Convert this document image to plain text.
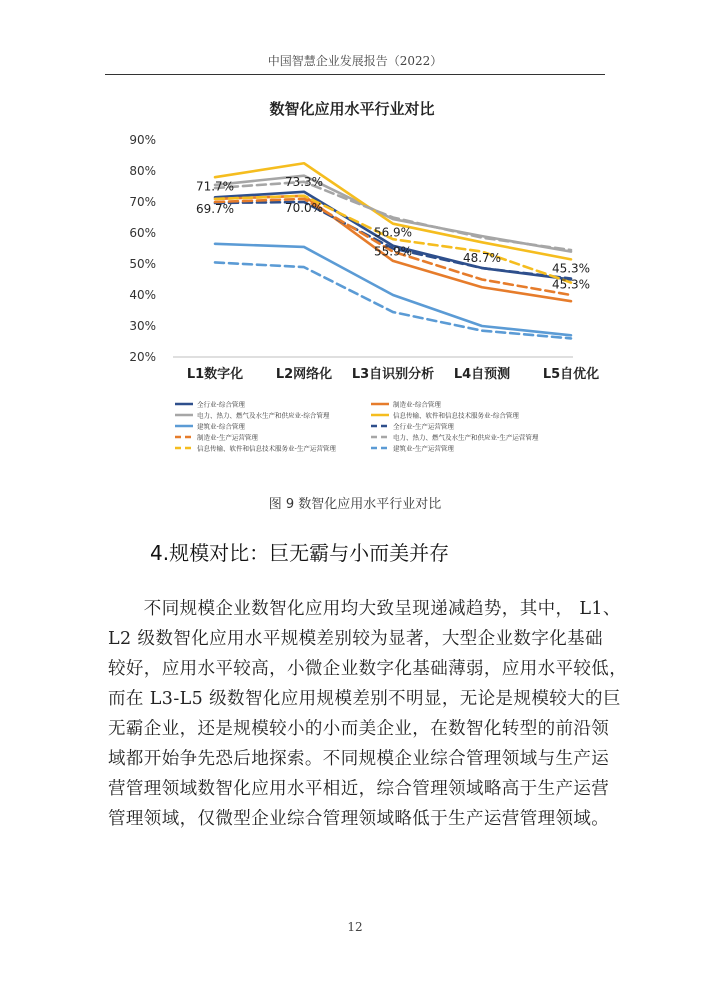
中国智慧企业发展报告（2022）
数智化应用水平行业对比
90%
80%
70%
60%
50%
40%
30%
20%
L1数字化	L2网络化 L3自识别分析 L4自预测	L5自优化
71.7%
69.7%
73.3%
70.0%
56.9%
55.9%	48.7%
45.3%
45.3%
全行业-综合管理	制造业-综合管理
电力、热力、燃气及水生产和供应业-综合管理	信息传输、软件和信息技术服务业-综合管理
建筑业-综合管理	全行业-生产运营管理
制造业-生产运营管理	电力、热力、燃气及水生产和供应业-生产运营管理
信息传输、软件和信息技术服务业-生产运营管理	建筑业-生产运营管理
图 9 数智化应用水平行业对比
4.规模对比：巨无霸与小而美并存
　　不同规模企业数智化应用均大致呈现递减趋势，其中， L1、
L2 级数智化应用水平规模差别较为显著，大型企业数字化基础
较好，应用水平较高，小微企业数字化基础薄弱，应用水平较低，
而在 L3-L5 级数智化应用规模差别不明显，无论是规模较大的巨
无霸企业，还是规模较小的小而美企业，在数智化转型的前沿领
域都开始争先恐后地探索。不同规模企业综合管理领域与生产运
营管理领域数智化应用水平相近，综合管理领域略高于生产运营
管理领域，仅微型企业综合管理领域略低于生产运营管理领域。
12
